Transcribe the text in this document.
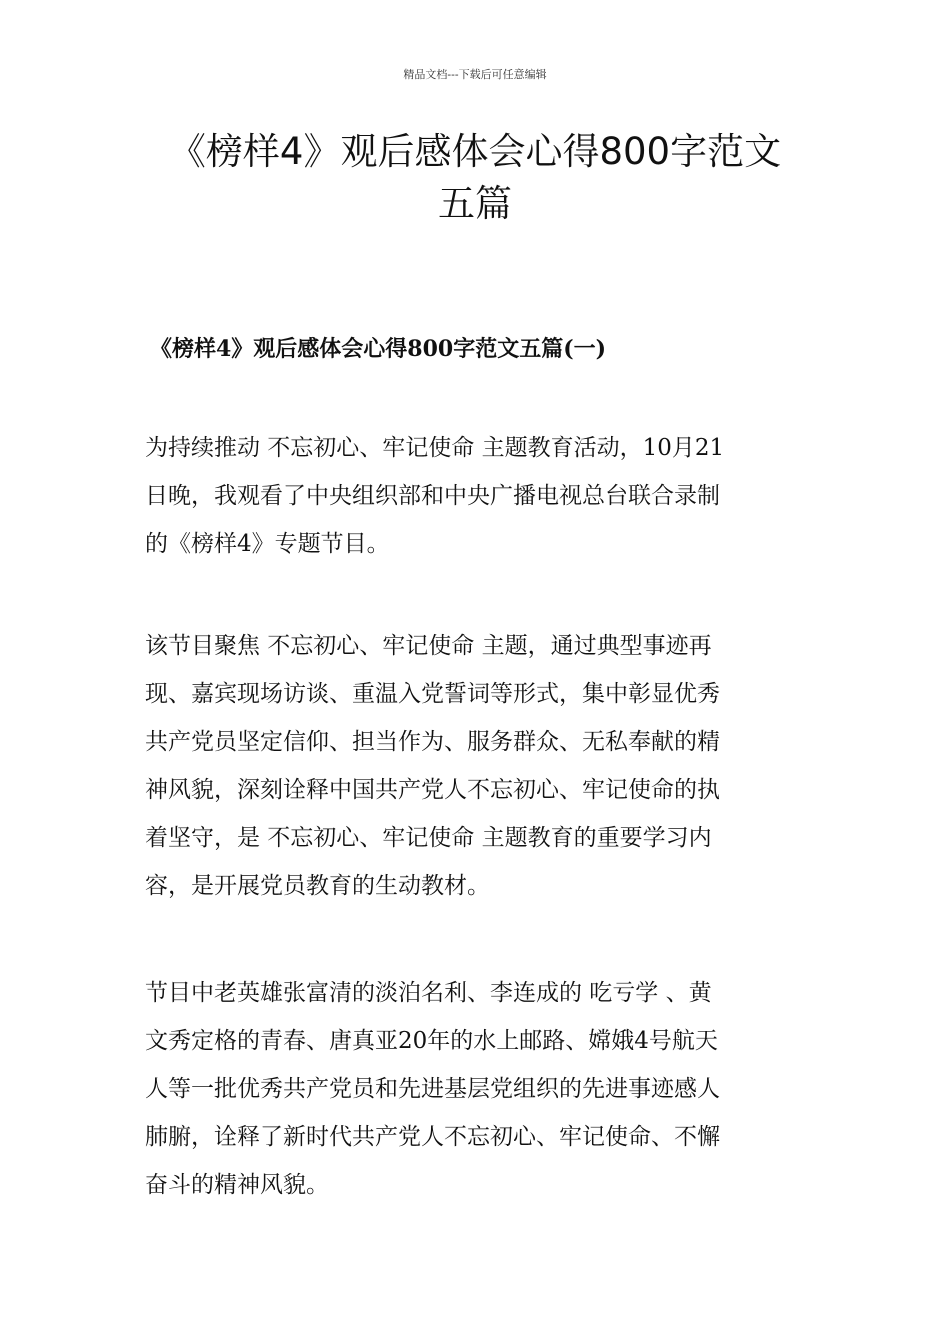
精品文档---下载后可任意编辑
《榜样4》观后感体会心得800字范文
五篇
《榜样4》观后感体会心得800字范文五篇(一)

为持续推动 不忘初心、牢记使命 主题教育活动，10月21
日晚，我观看了中央组织部和中央广播电视总台联合录制
的《榜样4》专题节目。

该节目聚焦 不忘初心、牢记使命 主题，通过典型事迹再
现、嘉宾现场访谈、重温入党誓词等形式，集中彰显优秀
共产党员坚定信仰、担当作为、服务群众、无私奉献的精
神风貌，深刻诠释中国共产党人不忘初心、牢记使命的执
着坚守，是 不忘初心、牢记使命 主题教育的重要学习内
容，是开展党员教育的生动教材。

节目中老英雄张富清的淡泊名利、李连成的 吃亏学 、黄
文秀定格的青春、唐真亚20年的水上邮路、嫦娥4号航天
人等一批优秀共产党员和先进基层党组织的先进事迹感人
肺腑，诠释了新时代共产党人不忘初心、牢记使命、不懈
奋斗的精神风貌。
